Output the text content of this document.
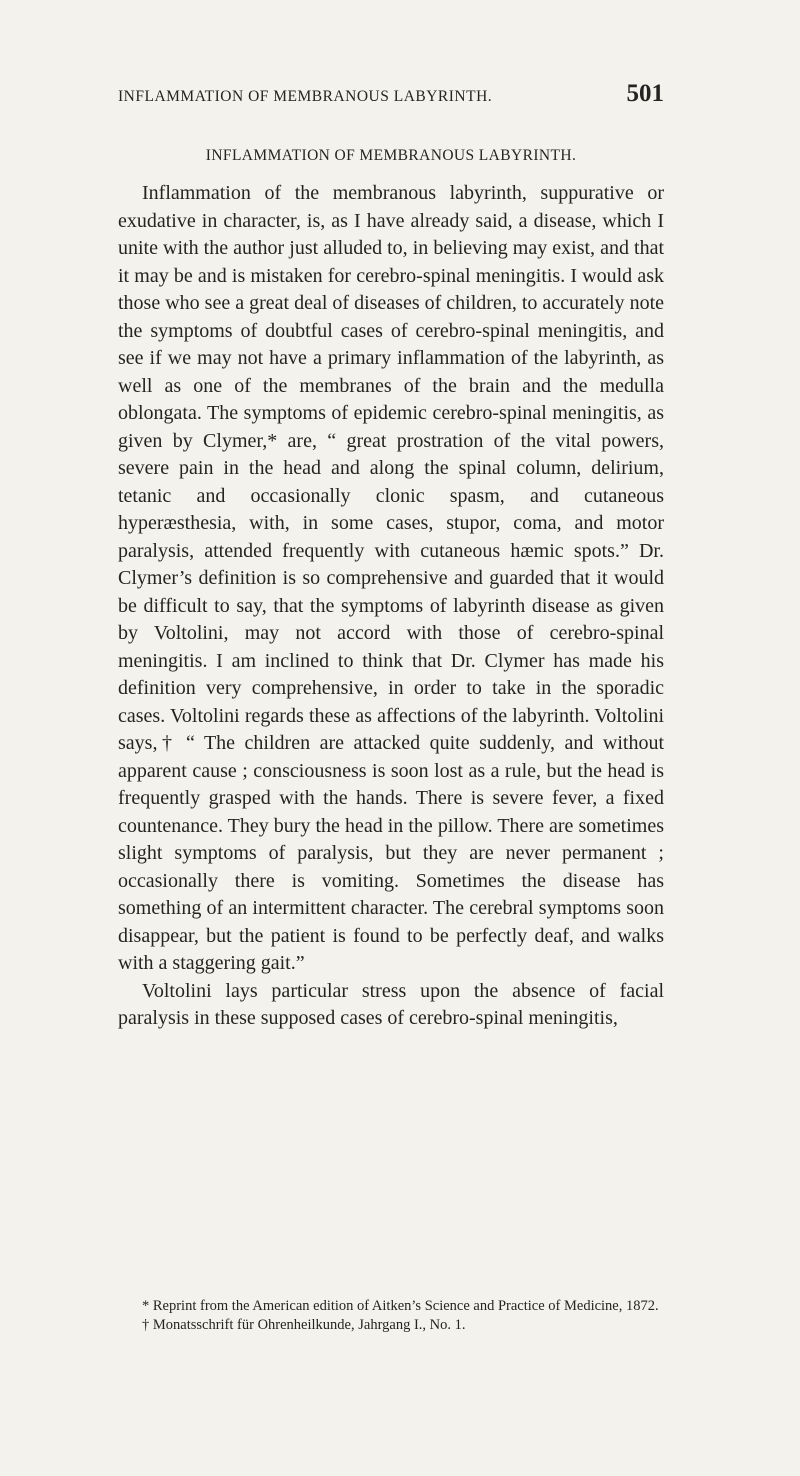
INFLAMMATION OF MEMBRANOUS LABYRINTH.	501
INFLAMMATION OF MEMBRANOUS LABYRINTH.

Inflammation of the membranous labyrinth, suppurative or exudative in character, is, as I have already said, a disease, which I unite with the author just alluded to, in believing may exist, and that it may be and is mistaken for cerebro-spinal meningitis. I would ask those who see a great deal of diseases of children, to accurately note the symptoms of doubtful cases of cerebro-spinal meningitis, and see if we may not have a primary inflammation of the labyrinth, as well as one of the membranes of the brain and the medulla oblongata. The symptoms of epidemic cerebro-spinal meningitis, as given by Clymer,* are, “ great prostration of the vital powers, severe pain in the head and along the spinal column, delirium, tetanic and occasionally clonic spasm, and cutaneous hyperæsthesia, with, in some cases, stupor, coma, and motor paralysis, attended frequently with cutaneous hæmic spots.” Dr. Clymer’s definition is so comprehensive and guarded that it would be difficult to say, that the symptoms of labyrinth disease as given by Voltolini, may not accord with those of cerebro-spinal meningitis. I am inclined to think that Dr. Clymer has made his definition very comprehensive, in order to take in the sporadic cases. Voltolini regards these as affections of the labyrinth. Voltolini says,† “ The children are attacked quite suddenly, and without apparent cause ; consciousness is soon lost as a rule, but the head is frequently grasped with the hands. There is severe fever, a fixed countenance. They bury the head in the pillow. There are sometimes slight symptoms of paralysis, but they are never permanent ; occasionally there is vomiting. Sometimes the disease has something of an intermittent character. The cerebral symptoms soon disappear, but the patient is found to be perfectly deaf, and walks with a staggering gait.”

Voltolini lays particular stress upon the absence of facial paralysis in these supposed cases of cerebro-spinal meningitis,

* Reprint from the American edition of Aitken’s Science and Practice of Medicine, 1872.

† Monatsschrift für Ohrenheilkunde, Jahrgang I., No. 1.
